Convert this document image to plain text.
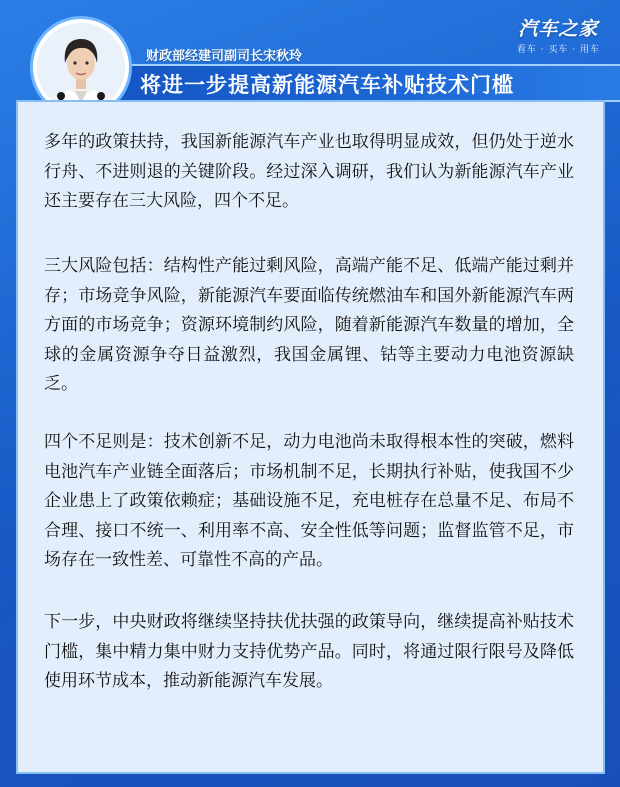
汽车之家
看车 · 买车 · 用车
财政部经建司副司长宋秋玲
将进一步提高新能源汽车补贴技术门槛

多年的政策扶持，我国新能源汽车产业也取得明显成效，但仍处于逆水行舟、不进则退的关键阶段。经过深入调研，我们认为新能源汽车产业还主要存在三大风险，四个不足。

三大风险包括：结构性产能过剩风险，高端产能不足、低端产能过剩并存；市场竞争风险，新能源汽车要面临传统燃油车和国外新能源汽车两方面的市场竞争；资源环境制约风险，随着新能源汽车数量的增加，全球的金属资源争夺日益激烈，我国金属锂、钴等主要动力电池资源缺乏。

四个不足则是：技术创新不足，动力电池尚未取得根本性的突破，燃料电池汽车产业链全面落后；市场机制不足，长期执行补贴，使我国不少企业患上了政策依赖症；基础设施不足，充电桩存在总量不足、布局不合理、接口不统一、利用率不高、安全性低等问题；监督监管不足，市场存在一致性差、可靠性不高的产品。

下一步，中央财政将继续坚持扶优扶强的政策导向，继续提高补贴技术门槛，集中精力集中财力支持优势产品。同时，将通过限行限号及降低使用环节成本，推动新能源汽车发展。
